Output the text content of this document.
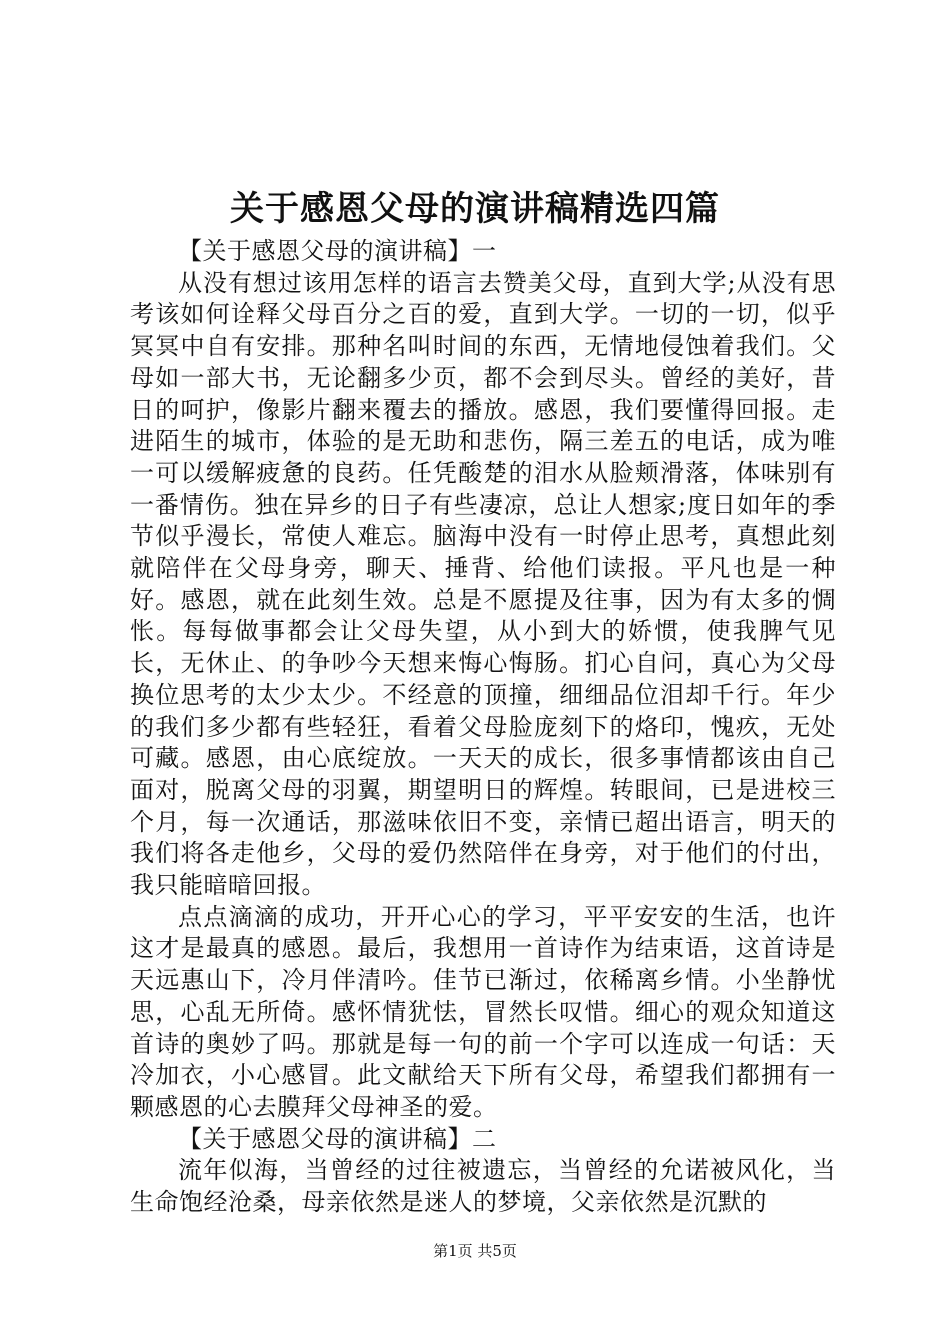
关于感恩父母的演讲稿精选四篇

【关于感恩父母的演讲稿】一

从没有想过该用怎样的语言去赞美父母，直到大学;从没有思考该如何诠释父母百分之百的爱，直到大学。一切的一切，似乎冥冥中自有安排。那种名叫时间的东西，无情地侵蚀着我们。父母如一部大书，无论翻多少页，都不会到尽头。曾经的美好，昔日的呵护，像影片翻来覆去的播放。感恩，我们要懂得回报。走进陌生的城市，体验的是无助和悲伤，隔三差五的电话，成为唯一可以缓解疲惫的良药。任凭酸楚的泪水从脸颊滑落，体味别有一番情伤。独在异乡的日子有些凄凉，总让人想家;度日如年的季节似乎漫长，常使人难忘。脑海中没有一时停止思考，真想此刻就陪伴在父母身旁，聊天、捶背、给他们读报。平凡也是一种好。感恩，就在此刻生效。总是不愿提及往事，因为有太多的惆怅。每每做事都会让父母失望，从小到大的娇惯，使我脾气见长，无休止、的争吵今天想来悔心悔肠。扪心自问，真心为父母换位思考的太少太少。不经意的顶撞，细细品位泪却千行。年少的我们多少都有些轻狂，看着父母脸庞刻下的烙印，愧疚，无处可藏。感恩，由心底绽放。一天天的成长，很多事情都该由自己面对，脱离父母的羽翼，期望明日的辉煌。转眼间，已是进校三个月，每一次通话，那滋味依旧不变，亲情已超出语言，明天的我们将各走他乡，父母的爱仍然陪伴在身旁，对于他们的付出，我只能暗暗回报。

点点滴滴的成功，开开心心的学习，平平安安的生活，也许这才是最真的感恩。最后，我想用一首诗作为结束语，这首诗是天远惠山下，冷月伴清吟。佳节已渐过，依稀离乡情。小坐静忧思，心乱无所倚。感怀情犹怯，冒然长叹惜。细心的观众知道这首诗的奥妙了吗。那就是每一句的前一个字可以连成一句话：天冷加衣，小心感冒。此文献给天下所有父母，希望我们都拥有一颗感恩的心去膜拜父母神圣的爱。

【关于感恩父母的演讲稿】二

流年似海，当曾经的过往被遗忘，当曾经的允诺被风化，当生命饱经沧桑，母亲依然是迷人的梦境，父亲依然是沉默的

第1页 共5页
